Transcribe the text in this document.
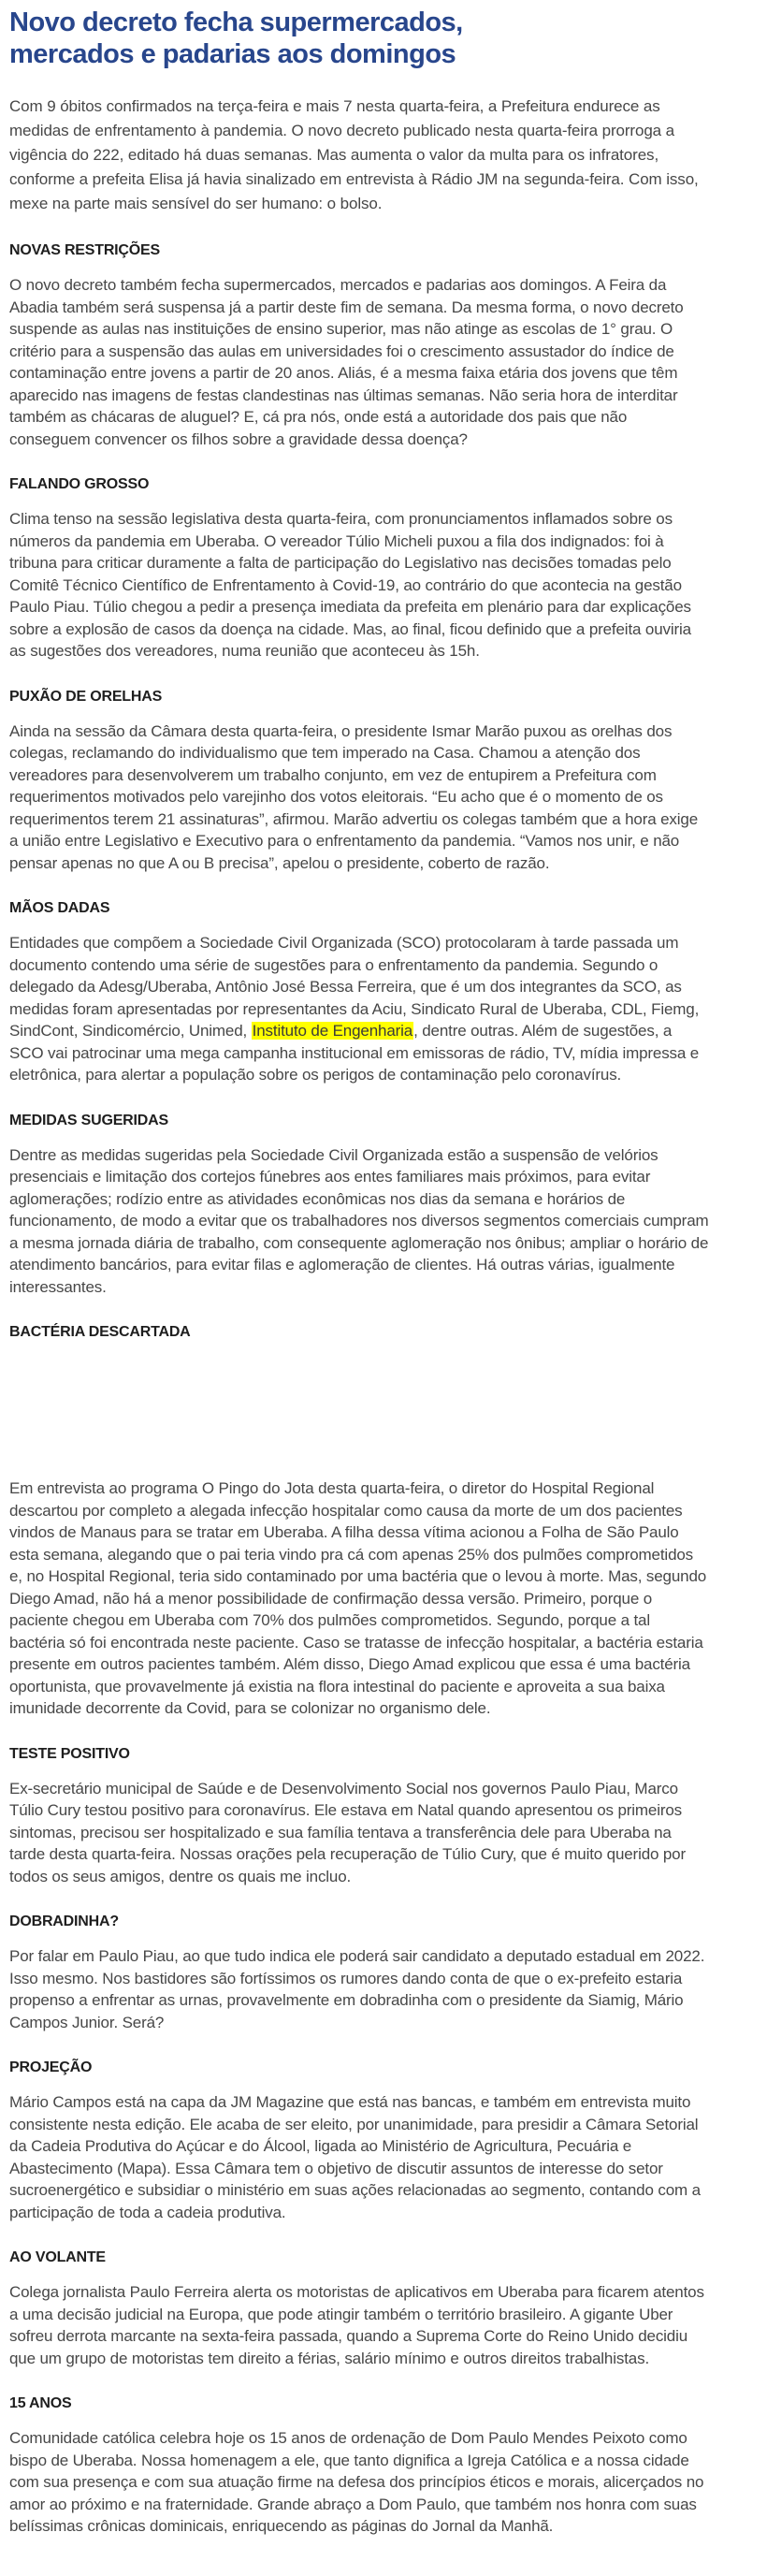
Novo decreto fecha supermercados, mercados e padarias aos domingos

Com 9 óbitos confirmados na terça-feira e mais 7 nesta quarta-feira, a Prefeitura endurece as medidas de enfrentamento à pandemia. O novo decreto publicado nesta quarta-feira prorroga a vigência do 222, editado há duas semanas. Mas aumenta o valor da multa para os infratores, conforme a prefeita Elisa já havia sinalizado em entrevista à Rádio JM na segunda-feira. Com isso, mexe na parte mais sensível do ser humano: o bolso.

NOVAS RESTRIÇÕES

O novo decreto também fecha supermercados, mercados e padarias aos domingos. A Feira da Abadia também será suspensa já a partir deste fim de semana. Da mesma forma, o novo decreto suspende as aulas nas instituições de ensino superior, mas não atinge as escolas de 1° grau. O critério para a suspensão das aulas em universidades foi o crescimento assustador do índice de contaminação entre jovens a partir de 20 anos. Aliás, é a mesma faixa etária dos jovens que têm aparecido nas imagens de festas clandestinas nas últimas semanas. Não seria hora de interditar também as chácaras de aluguel? E, cá pra nós, onde está a autoridade dos pais que não conseguem convencer os filhos sobre a gravidade dessa doença?

FALANDO GROSSO

Clima tenso na sessão legislativa desta quarta-feira, com pronunciamentos inflamados sobre os números da pandemia em Uberaba. O vereador Túlio Micheli puxou a fila dos indignados: foi à tribuna para criticar duramente a falta de participação do Legislativo nas decisões tomadas pelo Comitê Técnico Científico de Enfrentamento à Covid-19, ao contrário do que acontecia na gestão Paulo Piau. Túlio chegou a pedir a presença imediata da prefeita em plenário para dar explicações sobre a explosão de casos da doença na cidade. Mas, ao final, ficou definido que a prefeita ouviria as sugestões dos vereadores, numa reunião que aconteceu às 15h.

PUXÃO DE ORELHAS

Ainda na sessão da Câmara desta quarta-feira, o presidente Ismar Marão puxou as orelhas dos colegas, reclamando do individualismo que tem imperado na Casa. Chamou a atenção dos vereadores para desenvolverem um trabalho conjunto, em vez de entupirem a Prefeitura com requerimentos motivados pelo varejinho dos votos eleitorais. “Eu acho que é o momento de os requerimentos terem 21 assinaturas”, afirmou. Marão advertiu os colegas também que a hora exige a união entre Legislativo e Executivo para o enfrentamento da pandemia. “Vamos nos unir, e não pensar apenas no que A ou B precisa”, apelou o presidente, coberto de razão.

MÃOS DADAS

Entidades que compõem a Sociedade Civil Organizada (SCO) protocolaram à tarde passada um documento contendo uma série de sugestões para o enfrentamento da pandemia. Segundo o delegado da Adesg/Uberaba, Antônio José Bessa Ferreira, que é um dos integrantes da SCO, as medidas foram apresentadas por representantes da Aciu, Sindicato Rural de Uberaba, CDL, Fiemg, SindCont, Sindicomércio, Unimed, Instituto de Engenharia, dentre outras. Além de sugestões, a SCO vai patrocinar uma mega campanha institucional em emissoras de rádio, TV, mídia impressa e eletrônica, para alertar a população sobre os perigos de contaminação pelo coronavírus.

MEDIDAS SUGERIDAS

Dentre as medidas sugeridas pela Sociedade Civil Organizada estão a suspensão de velórios presenciais e limitação dos cortejos fúnebres aos entes familiares mais próximos, para evitar aglomerações; rodízio entre as atividades econômicas nos dias da semana e horários de funcionamento, de modo a evitar que os trabalhadores nos diversos segmentos comerciais cumpram a mesma jornada diária de trabalho, com consequente aglomeração nos ônibus; ampliar o horário de atendimento bancários, para evitar filas e aglomeração de clientes. Há outras várias, igualmente interessantes.

BACTÉRIA DESCARTADA

Em entrevista ao programa O Pingo do Jota desta quarta-feira, o diretor do Hospital Regional descartou por completo a alegada infecção hospitalar como causa da morte de um dos pacientes vindos de Manaus para se tratar em Uberaba. A filha dessa vítima acionou a Folha de São Paulo esta semana, alegando que o pai teria vindo pra cá com apenas 25% dos pulmões comprometidos e, no Hospital Regional, teria sido contaminado por uma bactéria que o levou à morte. Mas, segundo Diego Amad, não há a menor possibilidade de confirmação dessa versão. Primeiro, porque o paciente chegou em Uberaba com 70% dos pulmões comprometidos. Segundo, porque a tal bactéria só foi encontrada neste paciente. Caso se tratasse de infecção hospitalar, a bactéria estaria presente em outros pacientes também. Além disso, Diego Amad explicou que essa é uma bactéria oportunista, que provavelmente já existia na flora intestinal do paciente e aproveita a sua baixa imunidade decorrente da Covid, para se colonizar no organismo dele.

TESTE POSITIVO

Ex-secretário municipal de Saúde e de Desenvolvimento Social nos governos Paulo Piau, Marco Túlio Cury testou positivo para coronavírus. Ele estava em Natal quando apresentou os primeiros sintomas, precisou ser hospitalizado e sua família tentava a transferência dele para Uberaba na tarde desta quarta-feira. Nossas orações pela recuperação de Túlio Cury, que é muito querido por todos os seus amigos, dentre os quais me incluo.

DOBRADINHA?

Por falar em Paulo Piau, ao que tudo indica ele poderá sair candidato a deputado estadual em 2022. Isso mesmo. Nos bastidores são fortíssimos os rumores dando conta de que o ex-prefeito estaria propenso a enfrentar as urnas, provavelmente em dobradinha com o presidente da Siamig, Mário Campos Junior. Será?

PROJEÇÃO

Mário Campos está na capa da JM Magazine que está nas bancas, e também em entrevista muito consistente nesta edição. Ele acaba de ser eleito, por unanimidade, para presidir a Câmara Setorial da Cadeia Produtiva do Açúcar e do Álcool, ligada ao Ministério de Agricultura, Pecuária e Abastecimento (Mapa). Essa Câmara tem o objetivo de discutir assuntos de interesse do setor sucroenergético e subsidiar o ministério em suas ações relacionadas ao segmento, contando com a participação de toda a cadeia produtiva.

AO VOLANTE

Colega jornalista Paulo Ferreira alerta os motoristas de aplicativos em Uberaba para ficarem atentos a uma decisão judicial na Europa, que pode atingir também o território brasileiro. A gigante Uber sofreu derrota marcante na sexta-feira passada, quando a Suprema Corte do Reino Unido decidiu que um grupo de motoristas tem direito a férias, salário mínimo e outros direitos trabalhistas.

15 ANOS

Comunidade católica celebra hoje os 15 anos de ordenação de Dom Paulo Mendes Peixoto como bispo de Uberaba. Nossa homenagem a ele, que tanto dignifica a Igreja Católica e a nossa cidade com sua presença e com sua atuação firme na defesa dos princípios éticos e morais, alicerçados no amor ao próximo e na fraternidade. Grande abraço a Dom Paulo, que também nos honra com suas belíssimas crônicas dominicais, enriquecendo as páginas do Jornal da Manhã.
